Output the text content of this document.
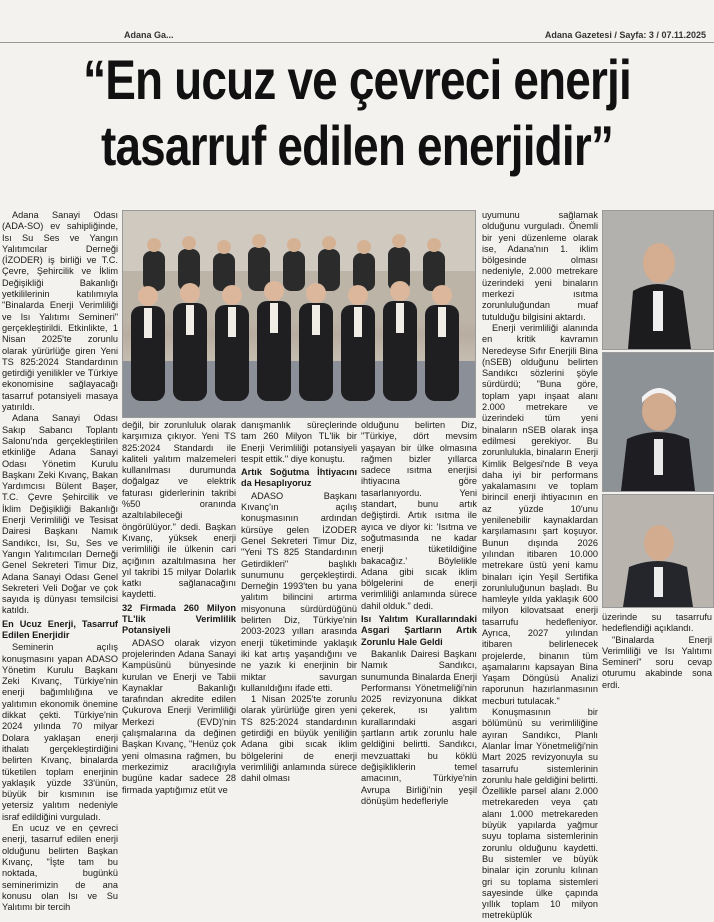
Adana Ga...	Adana Gazetesi / Sayfa: 3 / 07.11.2025
“En ucuz ve çevreci enerji
tasarruf edilen enerjidir”

Adana Sanayi Odası (ADA-SO) ev sahipliğinde, Isı Su Ses ve Yangın Yalıtımcılar Derneği (İZODER) iş birliği ve T.C. Çevre, Şehircilik ve İklim Değişikliği Bakanlığı yetkililerinin katılımıyla "Binalarda Enerji Verimliliği ve Isı Yalıtımı Semineri" gerçekleştirildi. Etkinlikte, 1 Nisan 2025'te zorunlu olarak yürürlüğe giren Yeni TS 825:2024 Standardının getirdiği yenilikler ve Türkiye ekonomisine sağlayacağı tasarruf potansiyeli masaya yatırıldı.

Adana Sanayi Odası Sakıp Sabancı Toplantı Salonu'nda gerçekleştirilen etkinliğe Adana Sanayi Odası Yönetim Kurulu Başkanı Zeki Kıvanç, Bakan Yardımcısı Bülent Başer, T.C. Çevre Şehircilik ve İklim Değişikliği Bakanlığı Enerji Verimliliği ve Tesisat Dairesi Başkanı Namık Sandıkcı, Isı, Su, Ses ve Yangın Yalıtımcıları Derneği Genel Sekreteri Timur Diz, Adana Sanayi Odası Genel Sekreteri Veli Doğar ve çok sayıda iş dünyası temsilcisi katıldı.

En Ucuz Enerji, Tasarruf Edilen Enerjidir

Seminerin açılış konuşmasını yapan ADASO Yönetim Kurulu Başkanı Zeki Kıvanç, Türkiye'nin enerji bağımlılığına ve yalıtımın ekonomik önemine dikkat çekti. Türkiye'nin 2024 yılında 70 milyar Dolara yaklaşan enerji ithalatı gerçekleştirdiğini belirten Kıvanç, binalarda tüketilen toplam enerjinin yaklaşık yüzde 33'ünün, büyük bir kısmının ise yetersiz yalıtım nedeniyle israf edildiğini vurguladı.

En ucuz ve en çevreci enerji, tasarruf edilen enerji olduğunu belirten Başkan Kıvanç, "İşte tam bu noktada, bugünkü seminerimizin de ana konusu olan Isı ve Su Yalıtımı bir tercih

değil, bir zorunluluk olarak karşımıza çıkıyor. Yeni TS 825:2024 Standardı ile kaliteli yalıtım malzemeleri kullanılması durumunda doğalgaz ve elektrik faturası giderlerinin takribi %50 oranında azaltılabileceği öngörülüyor." dedi. Başkan Kıvanç, yüksek enerji verimliliği ile ülkenin cari açığının azaltılmasına her yıl takribi 15 milyar Dolarlık katkı sağlanacağını kaydetti.

32 Firmada 260 Milyon TL'lik Verimlilik Potansiyeli

ADASO olarak vizyon projelerinden Adana Sanayi Kampüsünü bünyesinde kurulan ve Enerji ve Tabii Kaynaklar Bakanlığı tarafından akredite edilen Çukurova Enerji Verimliliği Merkezi (EVD)'nin çalışmalarına da değinen Başkan Kıvanç, "Henüz çok yeni olmasına rağmen, bu merkezimiz aracılığıyla bugüne kadar sadece 28 firmada yaptığımız etüt ve

danışmanlık süreçlerinde tam 260 Milyon TL'lik bir Enerji Verimliliği potansiyeli tespit ettik." diye konuştu.

Artık Soğutma İhtiyacını da Hesaplıyoruz

ADASO Başkanı Kıvanç'ın açılış konuşmasının ardından kürsüye gelen İZODER Genel Sekreteri Timur Diz, "Yeni TS 825 Standardının Getirdikleri" başlıklı sunumunu gerçekleştirdi. Derneğin 1993'ten bu yana yalıtım bilincini artırma misyonuna sürdürdüğünü belirten Diz, Türkiye'nin 2003-2023 yılları arasında enerji tüketiminde yaklaşık iki kat artış yaşandığını ve ne yazık ki enerjinin bir miktar savurgan kullanıldığını ifade etti.

1 Nisan 2025'te zorunlu olarak yürürlüğe giren yeni TS 825:2024 standardının getirdiği en büyük yeniliğin Adana gibi sıcak iklim bölgelerini de enerji verimliliği anlamında sürece dahil olması

olduğunu belirten Diz, "Türkiye, dört mevsim yaşayan bir ülke olmasına rağmen bizler yıllarca sadece ısıtma enerjisi ihtiyacına göre tasarlanıyordu. Yeni standart, bunu artık değiştirdi. Artık ısıtma ile ayıca ve diyor ki: 'Isıtma ve soğutmasında ne kadar enerji tüketildiğine bakacağız.' Böylelikle Adana gibi sıcak iklim bölgelerini de enerji verimliliği anlamında sürece dahil olduk." dedi.

Isı Yalıtım Kurallarındaki Asgari Şartların Artık Zorunlu Hale Geldi

Bakanlık Dairesi Başkanı Namık Sandıkcı, sunumunda Binalarda Enerji Performansı Yönetmeliği'nin 2025 revizyonuna dikkat çekerek, ısı yalıtım kurallarındaki asgari şartların artık zorunlu hale geldiğini belirtti. Sandıkcı, mevzuattaki bu köklü değişikliklerin temel amacının, Türkiye'nin Avrupa Birliği'nin yeşil dönüşüm hedefleriyle

uyumunu sağlamak olduğunu vurguladı. Önemli bir yeni düzenleme olarak ise, Adana'nın 1. iklim bölgesinde olması nedeniyle, 2.000 metrekare üzerindeki yeni binaların merkezi ısıtma zorunluluğundan muaf tutulduğu bilgisini aktardı.

Enerji verimliliği alanında en kritik kavramın Neredeyse Sıfır Enerjili Bina (nSEB) olduğunu belirten Sandıkcı sözlerini şöyle sürdürdü; "Buna göre, toplam yapı inşaat alanı 2.000 metrekare ve üzerindeki tüm yeni binaların nSEB olarak inşa edilmesi gerekiyor. Bu zorunlulukla, binaların Enerji Kimlik Belgesi'nde B veya daha iyi bir performans yakalamasını ve toplam birincil enerji ihtiyacının en az yüzde 10'unu yenilenebilir kaynaklardan karşılamasını şart koşuyor. Bunun dışında 2026 yılından itibaren 10.000 metrekare üstü yeni kamu binaları için Yeşil Sertifika zorunluluğunun başladı. Bu hamleyle yılda yaklaşık 600 milyon kilovatsaat enerji tasarrufu hedefleniyor. Ayrıca, 2027 yılından itibaren belirlenecek projelerde, binanın tüm aşamalarını kapsayan Bina Yaşam Döngüsü Analizi raporunun hazırlanmasının mecburi tutulacak."

Konuşmasının bir bölümünü su verimliliğine ayıran Sandıkcı, Planlı Alanlar İmar Yönetmeliği'nin Mart 2025 revizyonuyla su tasarrufu sistemlerinin zorunlu hale geldiğini belirtti. Özellikle parsel alanı 2.000 metrekareden veya çatı alanı 1.000 metrekareden büyük yapılarda yağmur suyu toplama sistemlerinin zorunlu olduğunu kaydetti. Bu sistemler ve büyük binalar için zorunlu kılınan gri su toplama sistemleri sayesinde ülke çapında yıllık toplam 10 milyon metreküplük

üzerinde su tasarrufu hedeflendiği açıklandı.

"Binalarda Enerji Verimliliği ve Isı Yalıtımı Semineri" soru cevap oturumu akabinde sona erdi.
